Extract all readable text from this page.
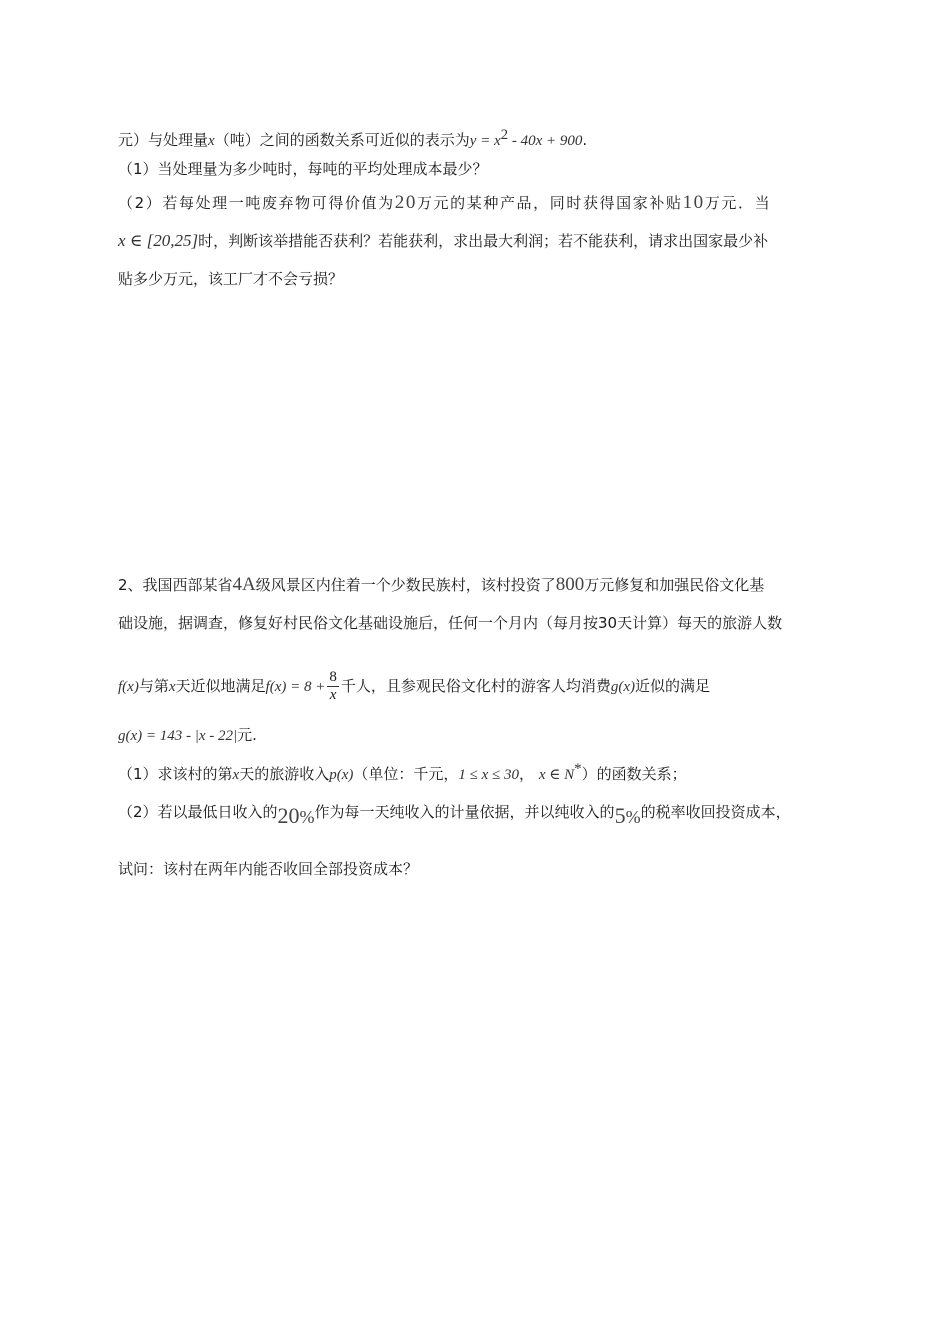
元）与处理量x（吨）之间的函数关系可近似的表示为$y = x^2 - 40x + 900$.
（1）当处理量为多少吨时，每吨的平均处理成本最少？
（2）若每处理一吨废弃物可得价值为20万元的某种产品，同时获得国家补贴10万元．当
x ∈ [20,25]时，判断该举措能否获利？若能获利，求出最大利润；若不能获利，请求出国家最少补
贴多少万元，该工厂才不会亏损？
2、我国西部某省4A级风景区内住着一个少数民族村，该村投资了800万元修复和加强民俗文化基
础设施，据调查，修复好村民俗文化基础设施后，任何一个月内（每月按30天计算）每天的旅游人数
f(x)与第x天近似地满足$f(x) = 8 + \frac{8}{x}$ 千人，且参观民俗文化村的游客人均消费g(x)近似的满足
g(x) = 143 - |x - 22|元.
（1）求该村的第x天的旅游收入p(x)（单位：千元，1 ≤ x ≤ 30， x ∈ N*）的函数关系；
（2）若以最低日收入的20%作为每一天纯收入的计量依据，并以纯收入的5%的税率收回投资成本，
试问：该村在两年内能否收回全部投资成本？
